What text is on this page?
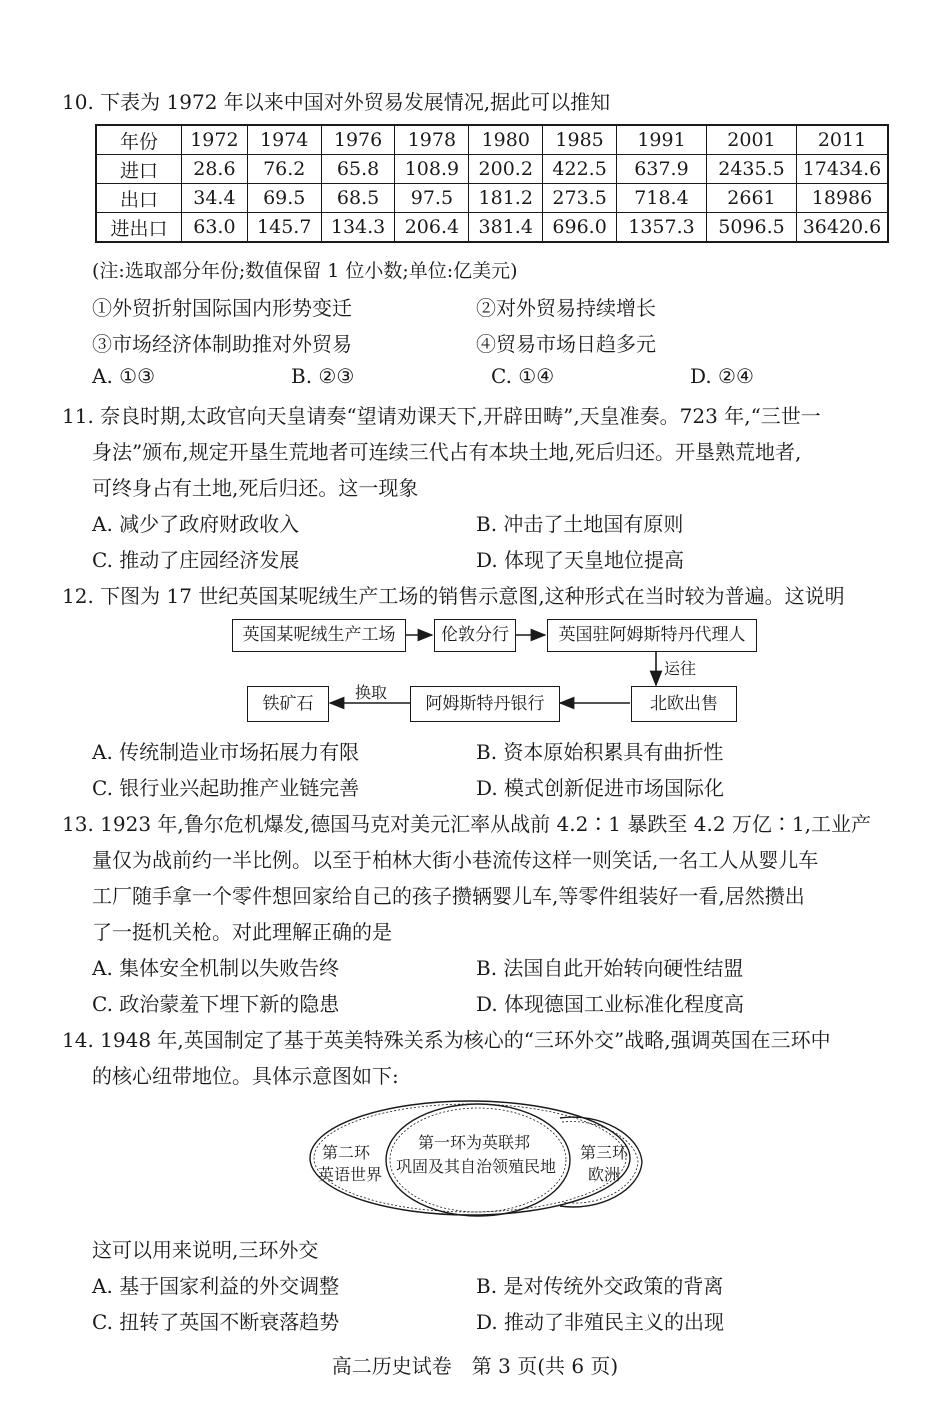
10. 下表为 1972 年以来中国对外贸易发展情况,据此可以推知
年份	1972	1974	1976	1978	1980	1985	1991	2001	2011
进口	28.6	76.2	65.8	108.9	200.2	422.5	637.9	2435.5	17434.6
出口	34.4	69.5	68.5	97.5	181.2	273.5	718.4	2661	18986
进出口	63.0	145.7	134.3	206.4	381.4	696.0	1357.3	5096.5	36420.6
(注:选取部分年份;数值保留 1 位小数;单位:亿美元)
①外贸折射国际国内形势变迁	②对外贸易持续增长
③市场经济体制助推对外贸易	④贸易市场日趋多元
A. ①③	B. ②③	C. ①④	D. ②④
11. 奈良时期,太政官向天皇请奏“望请劝课天下,开辟田畴”,天皇准奏。723 年,“三世一
身法”颁布,规定开垦生荒地者可连续三代占有本块土地,死后归还。开垦熟荒地者,
可终身占有土地,死后归还。这一现象
A. 减少了政府财政收入	B. 冲击了土地国有原则
C. 推动了庄园经济发展	D. 体现了天皇地位提高
12. 下图为 17 世纪英国某呢绒生产工场的销售示意图,这种形式在当时较为普遍。这说明
英国某呢绒生产工场	伦敦分行	英国驻阿姆斯特丹代理人
运往
北欧出售
阿姆斯特丹银行
换取
铁矿石
A. 传统制造业市场拓展力有限	B. 资本原始积累具有曲折性
C. 银行业兴起助推产业链完善	D. 模式创新促进市场国际化
13. 1923 年,鲁尔危机爆发,德国马克对美元汇率从战前 4.2∶1 暴跌至 4.2 万亿∶1,工业产
量仅为战前约一半比例。以至于柏林大街小巷流传这样一则笑话,一名工人从婴儿车
工厂随手拿一个零件想回家给自己的孩子攒辆婴儿车,等零件组装好一看,居然攒出
了一挺机关枪。对此理解正确的是
A. 集体安全机制以失败告终	B. 法国自此开始转向硬性结盟
C. 政治蒙羞下埋下新的隐患	D. 体现德国工业标准化程度高
14. 1948 年,英国制定了基于英美特殊关系为核心的“三环外交”战略,强调英国在三环中
的核心纽带地位。具体示意图如下:
第二环
英语世界
第一环为英联邦
巩固及其自治领殖民地
第三环
欧洲
这可以用来说明,三环外交
A. 基于国家利益的外交调整	B. 是对传统外交政策的背离
C. 扭转了英国不断衰落趋势	D. 推动了非殖民主义的出现
高二历史试卷　第 3 页(共 6 页)
